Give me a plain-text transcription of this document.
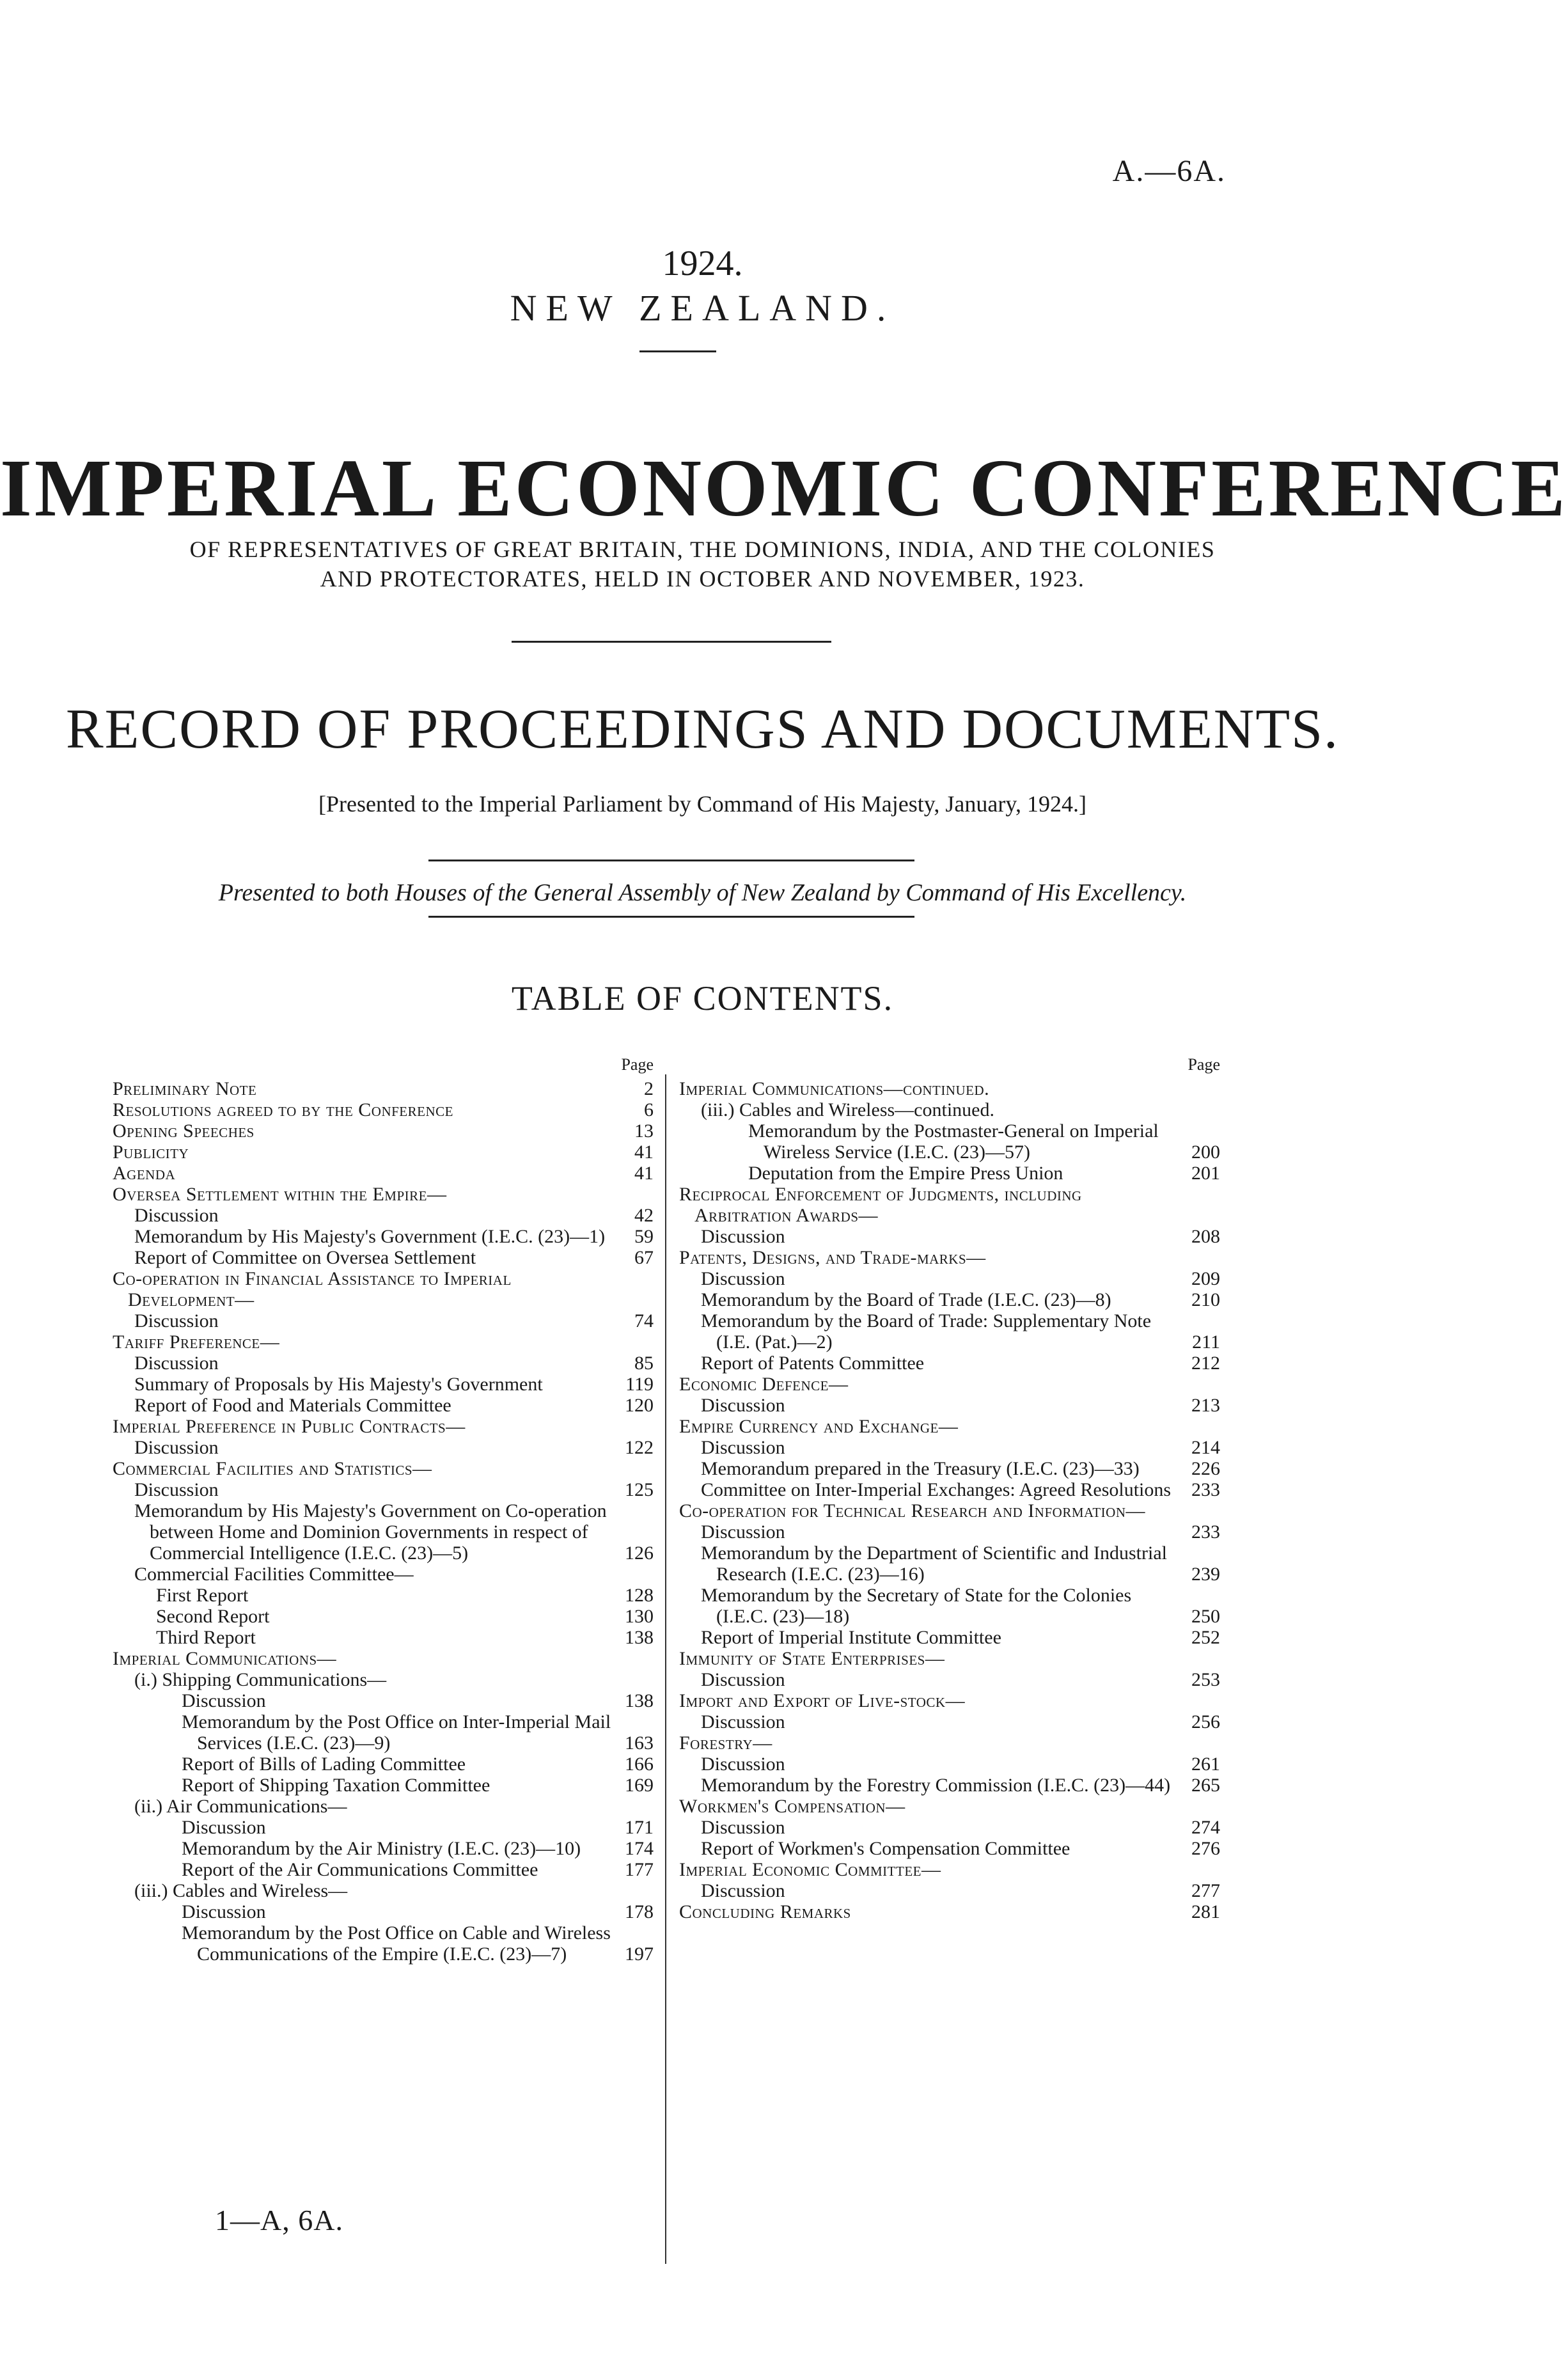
A.—6A.
1924.
NEW ZEALAND.
IMPERIAL ECONOMIC CONFERENCE
OF REPRESENTATIVES OF GREAT BRITAIN, THE DOMINIONS, INDIA, AND THE COLONIES
AND PROTECTORATES, HELD IN OCTOBER AND NOVEMBER, 1923.
RECORD OF PROCEEDINGS AND DOCUMENTS.
[Presented to the Imperial Parliament by Command of His Majesty, January, 1924.]
Presented to both Houses of the General Assembly of New Zealand by Command of His Excellency.
TABLE OF CONTENTS.
Page
Preliminary Note	2
Resolutions agreed to by the Conference	6
Opening Speeches	13
Publicity	41
Agenda	41
Oversea Settlement within the Empire—
Discussion	42
Memorandum by His Majesty's Government (I.E.C. (23)—1)	59
Report of Committee on Oversea Settlement	67
Co-operation in Financial Assistance to Imperial Development—
Discussion	74
Tariff Preference—
Discussion	85
Summary of Proposals by His Majesty's Government	119
Report of Food and Materials Committee	120
Imperial Preference in Public Contracts—
Discussion	122
Commercial Facilities and Statistics—
Discussion	125
Memorandum by His Majesty's Government on Co-operation between Home and Dominion Governments in respect of Commercial Intelligence (I.E.C. (23)—5)	126
Commercial Facilities Committee—
First Report	128
Second Report	130
Third Report	138
Imperial Communications—
(i.) Shipping Communications—
Discussion	138
Memorandum by the Post Office on Inter-Imperial Mail Services (I.E.C. (23)—9)	163
Report of Bills of Lading Committee	166
Report of Shipping Taxation Committee	169
(ii.) Air Communications—
Discussion	171
Memorandum by the Air Ministry (I.E.C. (23)—10)	174
Report of the Air Communications Committee	177
(iii.) Cables and Wireless—
Discussion	178
Memorandum by the Post Office on Cable and Wireless Communications of the Empire (I.E.C. (23)—7)	197
Page
Imperial Communications—continued.
(iii.) Cables and Wireless—continued.
Memorandum by the Postmaster-General on Imperial Wireless Service (I.E.C. (23)—57)	200
Deputation from the Empire Press Union	201
Reciprocal Enforcement of Judgments, including Arbitration Awards—
Discussion	208
Patents, Designs, and Trade-marks—
Discussion	209
Memorandum by the Board of Trade (I.E.C. (23)—8)	210
Memorandum by the Board of Trade: Supplementary Note (I.E. (Pat.)—2)	211
Report of Patents Committee	212
Economic Defence—
Discussion	213
Empire Currency and Exchange—
Discussion	214
Memorandum prepared in the Treasury (I.E.C. (23)—33)	226
Committee on Inter-Imperial Exchanges: Agreed Resolutions	233
Co-operation for Technical Research and Information—
Discussion	233
Memorandum by the Department of Scientific and Industrial Research (I.E.C. (23)—16)	239
Memorandum by the Secretary of State for the Colonies (I.E.C. (23)—18)	250
Report of Imperial Institute Committee	252
Immunity of State Enterprises—
Discussion	253
Import and Export of Live-stock—
Discussion	256
Forestry—
Discussion	261
Memorandum by the Forestry Commission (I.E.C. (23)—44)	265
Workmen's Compensation—
Discussion	274
Report of Workmen's Compensation Committee	276
Imperial Economic Committee—
Discussion	277
Concluding Remarks	281
1—A, 6A.
